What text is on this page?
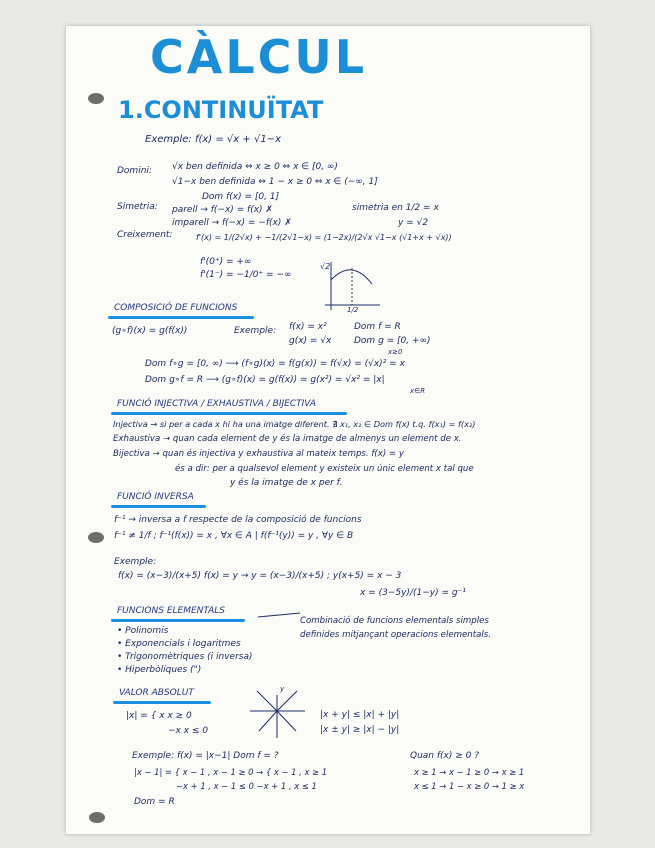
CÀLCUL
1.CONTINUÏTAT
Exemple: f(x) = √x + √1−x
Domini: √x ben definida ⇔ x ≥ 0 ⇔ x ∈ [0, ∞)
√1−x ben definida ⇔ 1 − x ≥ 0 ⇔ x ∈ (−∞, 1]
Dom f(x) = [0, 1]
Simetria: parell → f(−x) = f(x) ✗
imparell → f(−x) = −f(x) ✗
simetria en 1/2 = x
y = √2
Creixement:	f'(x) = 1/(2√x) + −1/(2√1−x) = (1−2x)/(2√x √1−x (√1+x + √x))
f'(0⁺) = +∞
f'(1⁻) = −1/0⁺ = −∞
√2
1/2
COMPOSICIÓ DE FUNCIONS
(g∘f)(x) = g(f(x))	Exemple: f(x) = x²
g(x) = √x
Dom f = R
Dom g = [0, +∞)
x≥0
Dom f∘g = [0, ∞) ⟶ (f∘g)(x) = f(g(x)) = f(√x) = (√x)² = x
Dom g∘f = R ⟶ (g∘f)(x) = g(f(x)) = g(x²) = √x² = |x|
x∈R
FUNCIÓ INJECTIVA / EXHAUSTIVA / BIJECTIVA
Injectiva → si per a cada x hi ha una imatge diferent. ∄ x₁, x₂ ∈ Dom f(x) t.q. f(x₁) = f(x₂)
Exhaustiva → quan cada element de y és la imatge de almenys un element de x.
Bijectiva → quan és injectiva y exhaustiva al mateix temps. f(x) = y
és a dir: per a qualsevol element y existeix un únic element x tal que
y és la imatge de x per f.
FUNCIÓ INVERSA
f⁻¹ → inversa a f respecte de la composició de funcions
f⁻¹ ≠ 1/f ; f⁻¹(f(x)) = x , ∀x ∈ A | f(f⁻¹(y)) = y , ∀y ∈ B
Exemple:
f(x) = (x−3)/(x+5) f(x) = y → y = (x−3)/(x+5) ; y(x+5) = x − 3
x = (3−5y)/(1−y) = g⁻¹
FUNCIONS ELEMENTALS
Combinació de funcions elementals simples
definides mitjançant operacions elementals.
• Polinomis
• Exponencials i logaritmes
• Trigonomètriques (i inversa)
• Hiperbòliques (")
VALOR ABSOLUT
|x| = { x x ≥ 0
−x x ≤ 0
y
|x + y| ≤ |x| + |y|
|x ± y| ≥ |x| − |y|
Exemple: f(x) = |x−1| Dom f = ?
|x − 1| = { x − 1 , x − 1 ≥ 0 → { x − 1 , x ≥ 1
−x + 1 , x − 1 ≤ 0 −x + 1 , x ≤ 1
Quan f(x) ≥ 0 ?
x ≥ 1 → x − 1 ≥ 0 → x ≥ 1
x ≤ 1 → 1 − x ≥ 0 → 1 ≥ x
Dom = R
